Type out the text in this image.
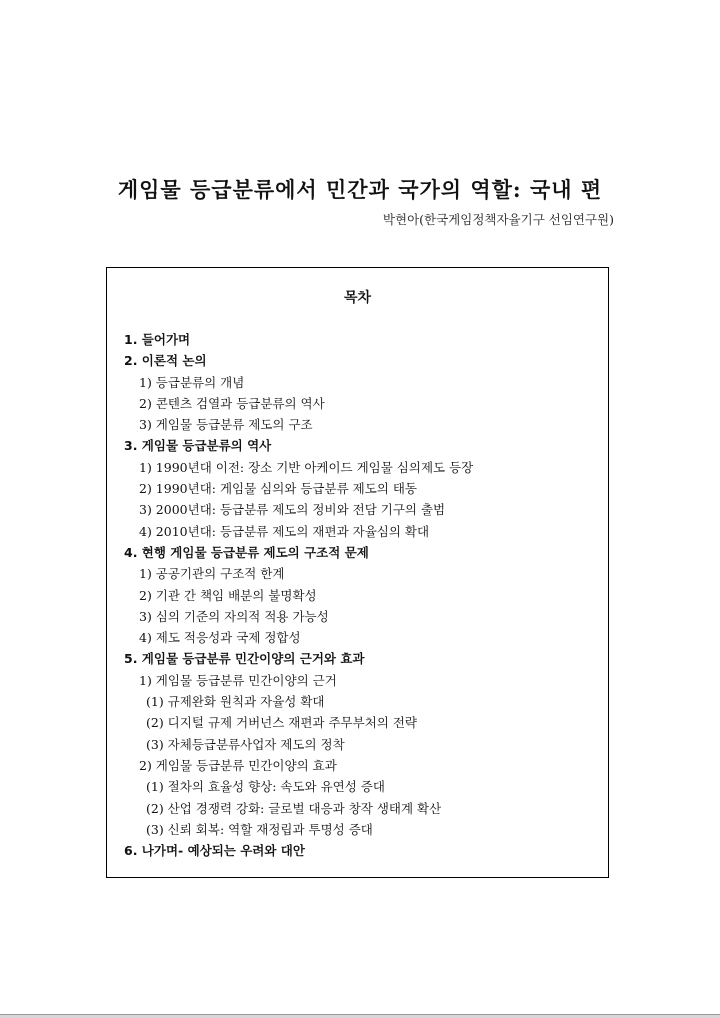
게임물 등급분류에서 민간과 국가의 역할: 국내 편
박현아(한국게임정책자율기구 선임연구원)
목차
1. 들어가며
2. 이론적 논의
1) 등급분류의 개념
2) 콘텐츠 검열과 등급분류의 역사
3) 게임물 등급분류 제도의 구조
3. 게임물 등급분류의 역사
1) 1990년대 이전: 장소 기반 아케이드 게임물 심의제도 등장
2) 1990년대: 게임물 심의와 등급분류 제도의 태동
3) 2000년대: 등급분류 제도의 정비와 전담 기구의 출범
4) 2010년대: 등급분류 제도의 재편과 자율심의 확대
4. 현행 게임물 등급분류 제도의 구조적 문제
1) 공공기관의 구조적 한계
2) 기관 간 책임 배분의 불명확성
3) 심의 기준의 자의적 적용 가능성
4) 제도 적응성과 국제 정합성
5. 게임물 등급분류 민간이양의 근거와 효과
1) 게임물 등급분류 민간이양의 근거
(1) 규제완화 원칙과 자율성 확대
(2) 디지털 규제 거버넌스 재편과 주무부처의 전략
(3) 자체등급분류사업자 제도의 정착
2) 게임물 등급분류 민간이양의 효과
(1) 절차의 효율성 향상: 속도와 유연성 증대
(2) 산업 경쟁력 강화: 글로벌 대응과 창작 생태계 확산
(3) 신뢰 회복: 역할 재정립과 투명성 증대
6. 나가며- 예상되는 우려와 대안
